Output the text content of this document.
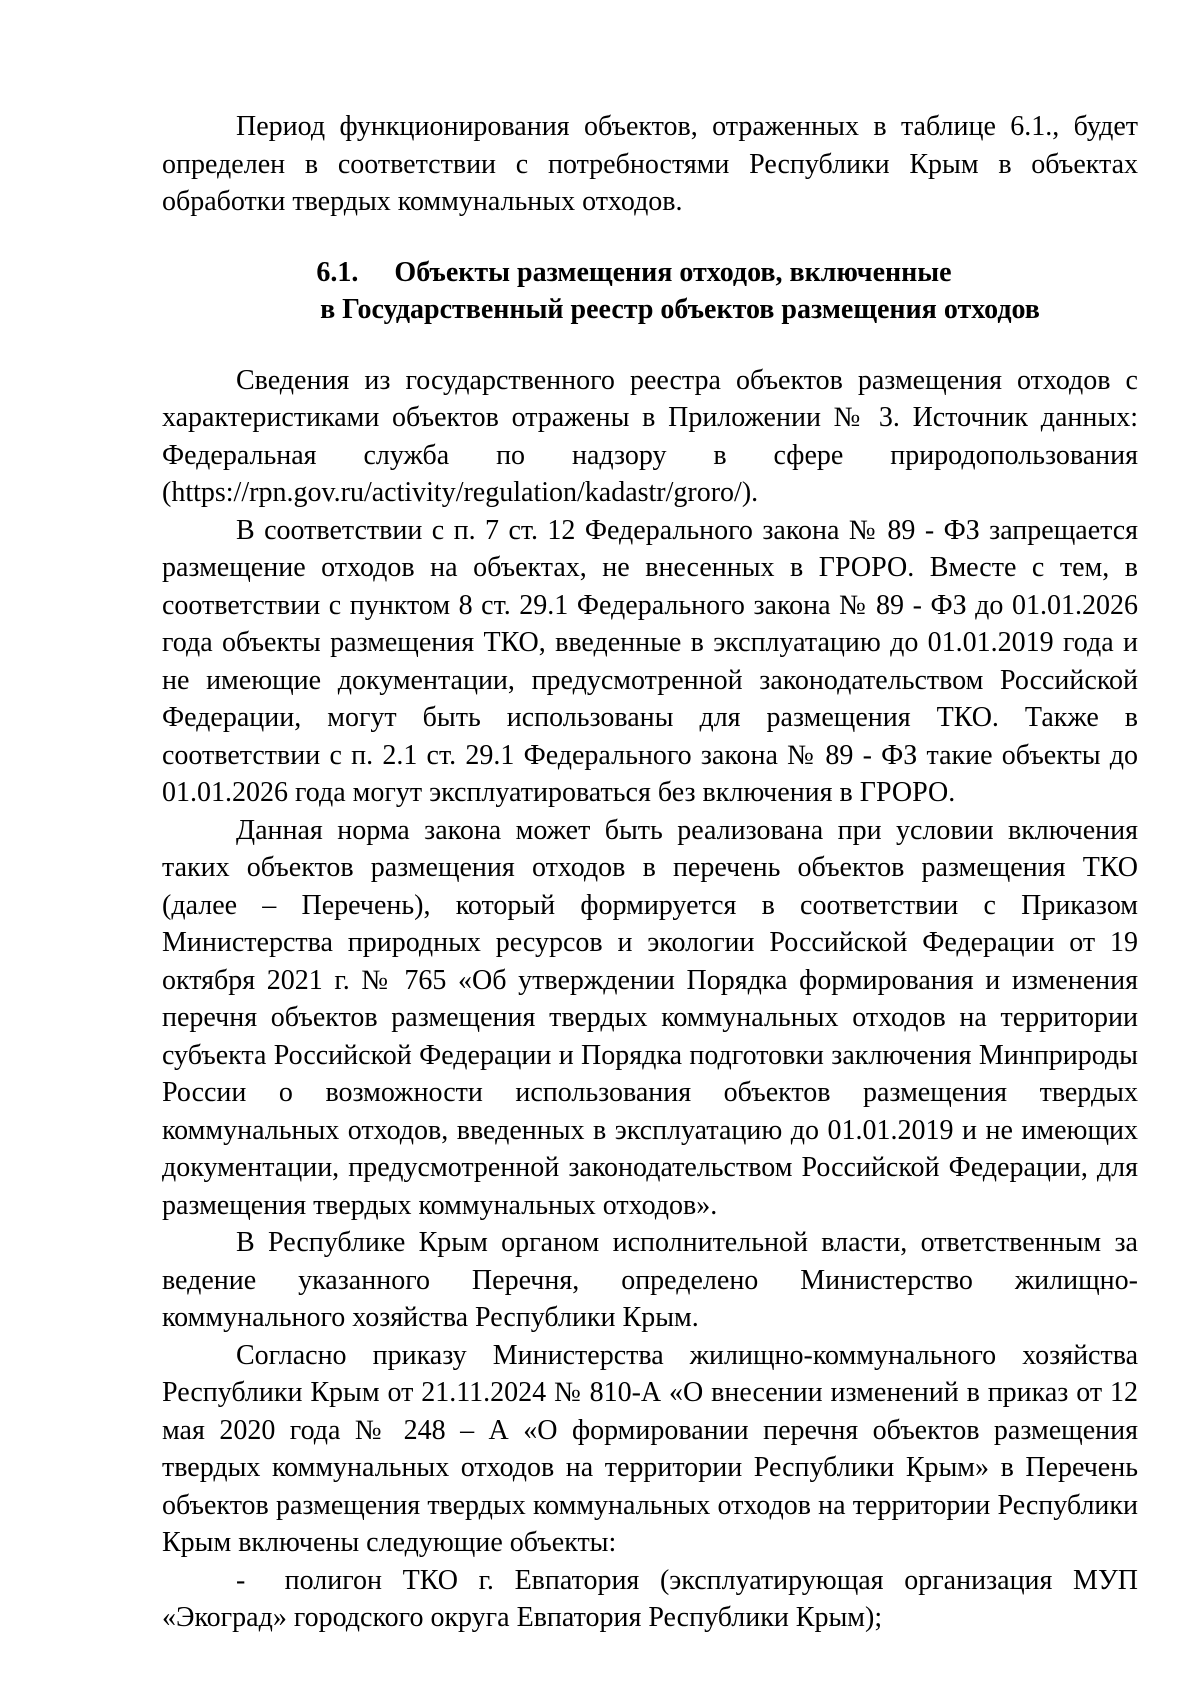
Период функционирования объектов, отраженных в таблице 6.1., будет определен в соответствии с потребностями Республики Крым в объектах обработки твердых коммунальных отходов.

6.1. Объекты размещения отходов, включенные
в Государственный реестр объектов размещения отходов

Сведения из государственного реестра объектов размещения отходов с характеристиками объектов отражены в Приложении № 3. Источник данных: Федеральная служба по надзору в сфере природопользования (https://rpn.gov.ru/activity/regulation/kadastr/groro/).

В соответствии с п. 7 ст. 12 Федерального закона № 89 - ФЗ запрещается размещение отходов на объектах, не внесенных в ГРОРО. Вместе с тем, в соответствии с пунктом 8 ст. 29.1 Федерального закона № 89 - ФЗ до 01.01.2026 года объекты размещения ТКО, введенные в эксплуатацию до 01.01.2019 года и не имеющие документации, предусмотренной законодательством Российской Федерации, могут быть использованы для размещения ТКО. Также в соответствии с п. 2.1 ст. 29.1 Федерального закона № 89 - ФЗ такие объекты до 01.01.2026 года могут эксплуатироваться без включения в ГРОРО.

Данная норма закона может быть реализована при условии включения таких объектов размещения отходов в перечень объектов размещения ТКО (далее – Перечень), который формируется в соответствии с Приказом Министерства природных ресурсов и экологии Российской Федерации от 19 октября 2021 г. № 765 «Об утверждении Порядка формирования и изменения перечня объектов размещения твердых коммунальных отходов на территории субъекта Российской Федерации и Порядка подготовки заключения Минприроды России о возможности использования объектов размещения твердых коммунальных отходов, введенных в эксплуатацию до 01.01.2019 и не имеющих документации, предусмотренной законодательством Российской Федерации, для размещения твердых коммунальных отходов».

В Республике Крым органом исполнительной власти, ответственным за ведение указанного Перечня, определено Министерство жилищно-коммунального хозяйства Республики Крым.

Согласно приказу Министерства жилищно-коммунального хозяйства Республики Крым от 21.11.2024 № 810-А «О внесении изменений в приказ от 12 мая 2020 года № 248 – А «О формировании перечня объектов размещения твердых коммунальных отходов на территории Республики Крым» в Перечень объектов размещения твердых коммунальных отходов на территории Республики Крым включены следующие объекты:

- полигон ТКО г. Евпатория (эксплуатирующая организация МУП «Экоград» городского округа Евпатория Республики Крым);
